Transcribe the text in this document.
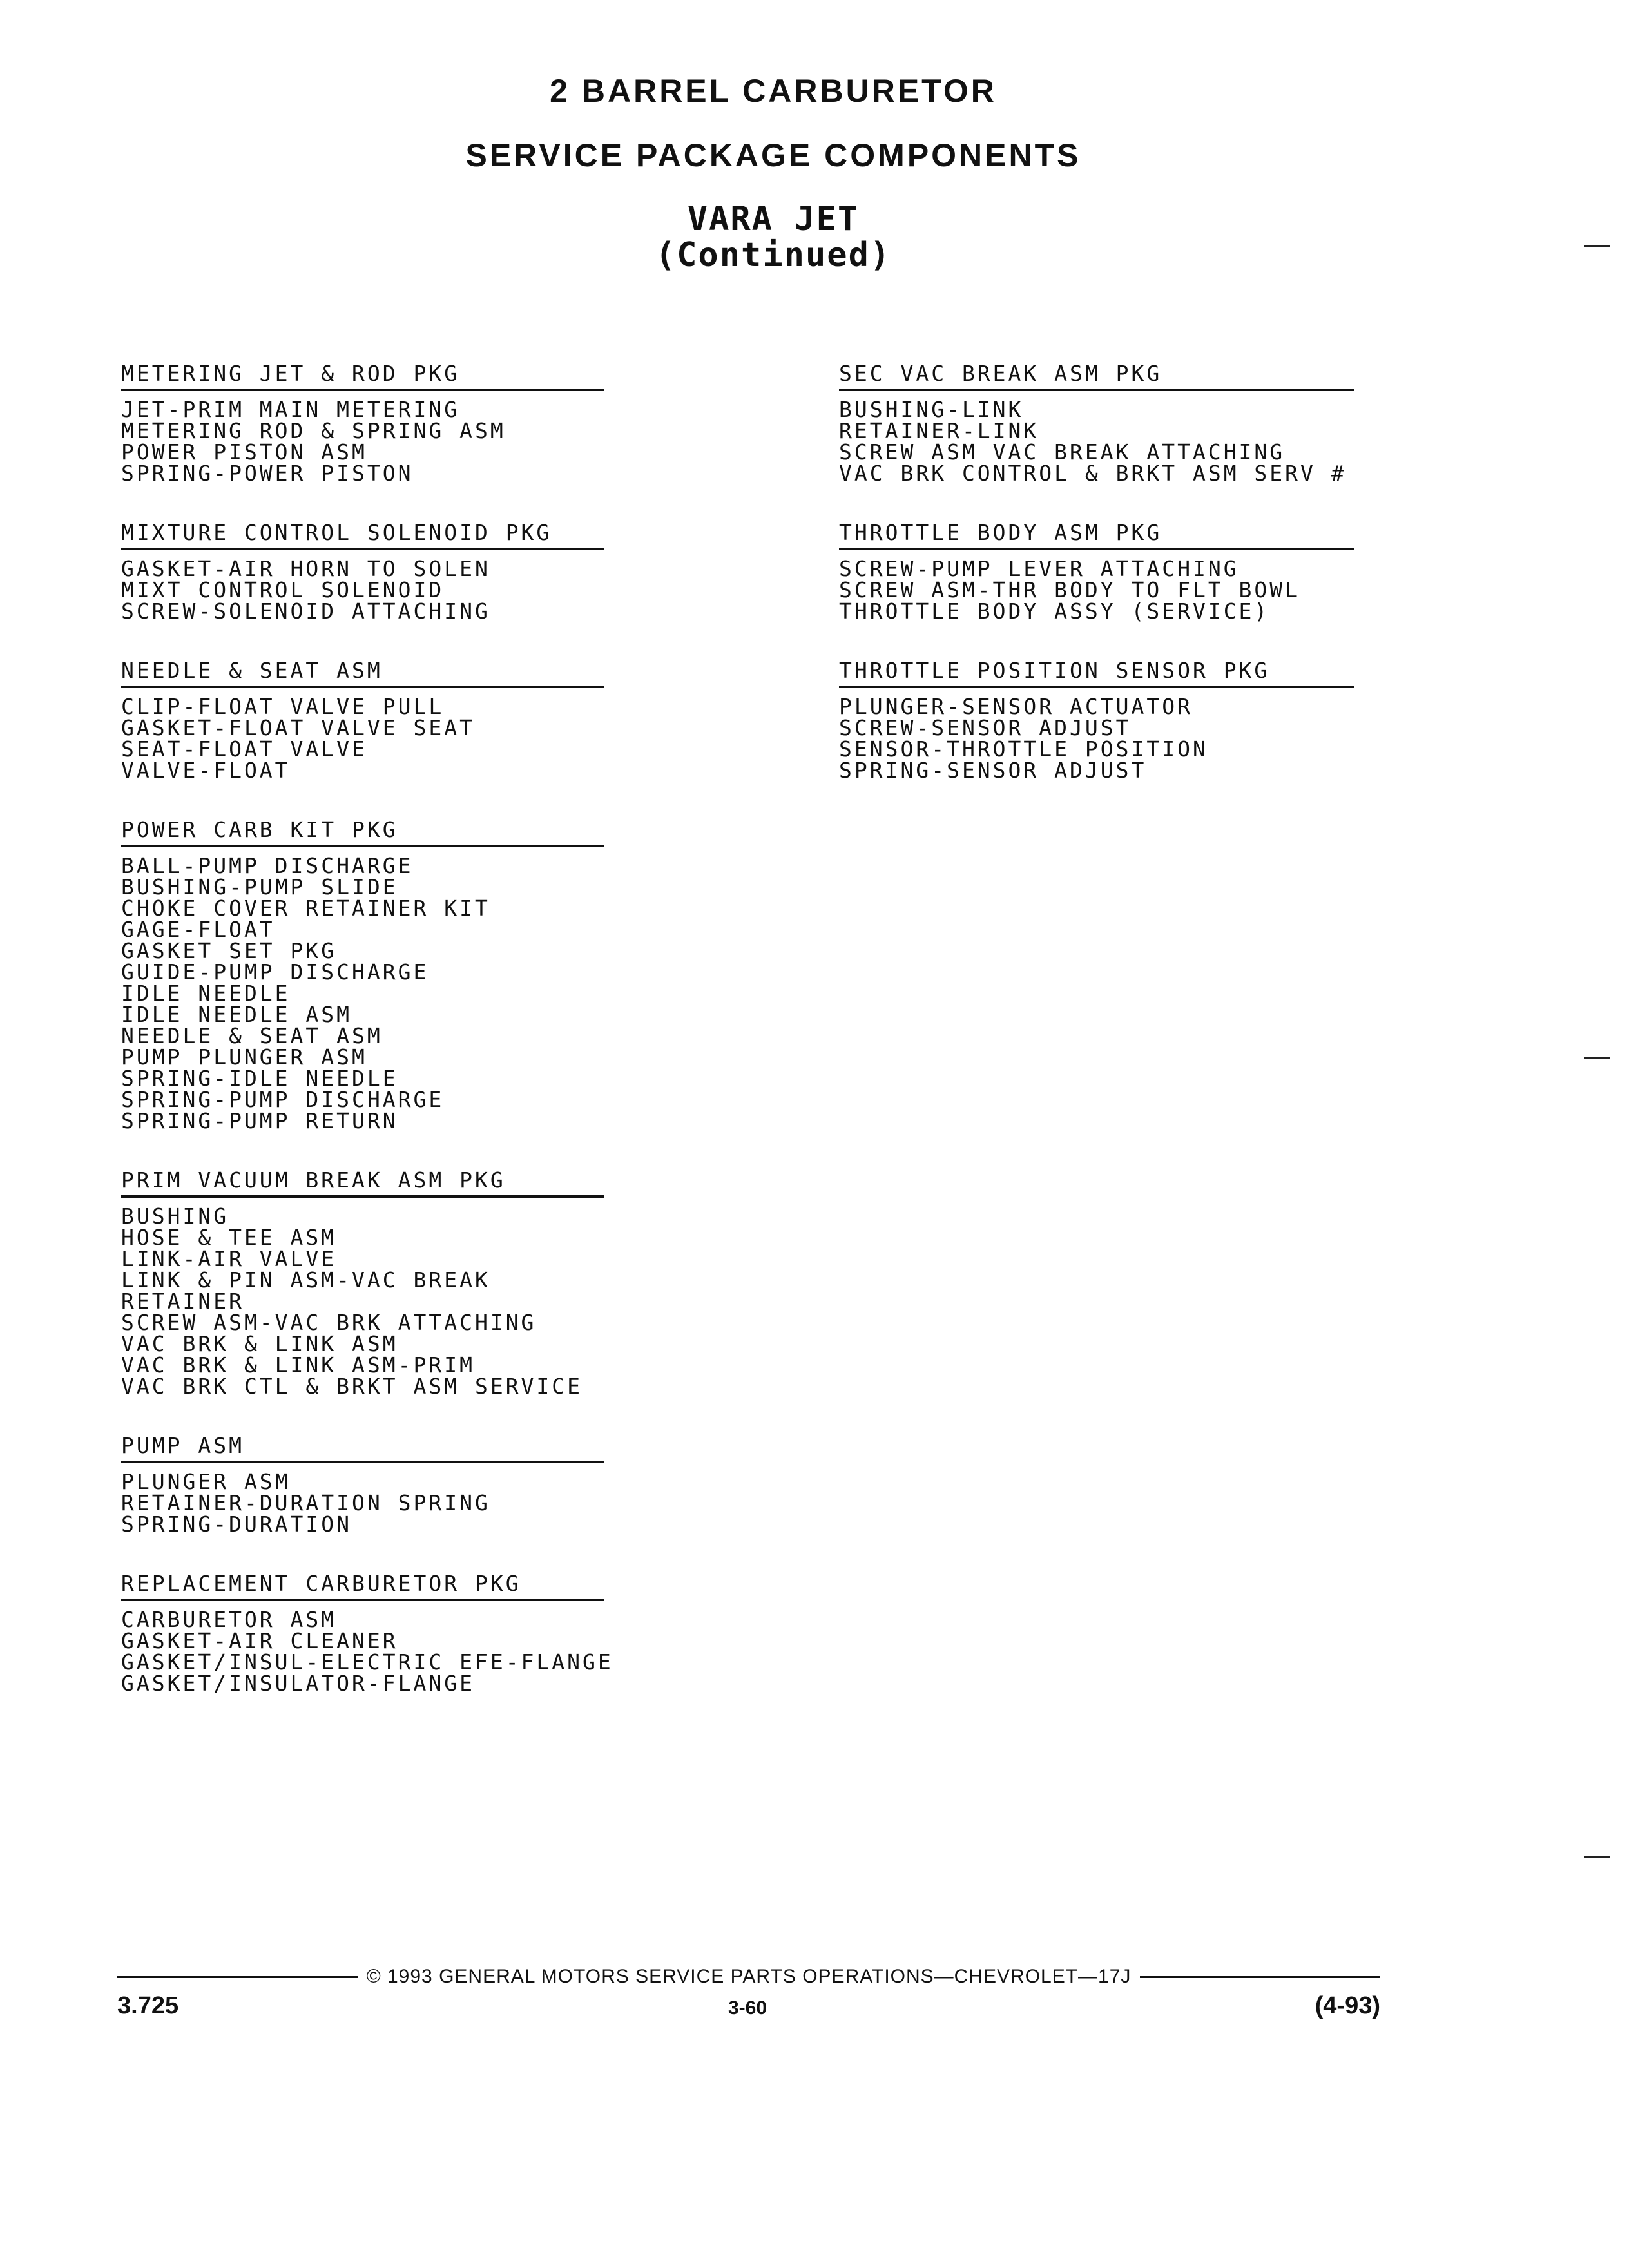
2 BARREL CARBURETOR
SERVICE PACKAGE COMPONENTS
VARA JET
(Continued)
METERING JET & ROD PKG
JET-PRIM MAIN METERING
METERING ROD & SPRING ASM
POWER PISTON ASM
SPRING-POWER PISTON
MIXTURE CONTROL SOLENOID PKG
GASKET-AIR HORN TO SOLEN
MIXT CONTROL SOLENOID
SCREW-SOLENOID ATTACHING
NEEDLE & SEAT ASM
CLIP-FLOAT VALVE PULL
GASKET-FLOAT VALVE SEAT
SEAT-FLOAT VALVE
VALVE-FLOAT
POWER CARB KIT PKG
BALL-PUMP DISCHARGE
BUSHING-PUMP SLIDE
CHOKE COVER RETAINER KIT
GAGE-FLOAT
GASKET SET PKG
GUIDE-PUMP DISCHARGE
IDLE NEEDLE
IDLE NEEDLE ASM
NEEDLE & SEAT ASM
PUMP PLUNGER ASM
SPRING-IDLE NEEDLE
SPRING-PUMP DISCHARGE
SPRING-PUMP RETURN
PRIM VACUUM BREAK ASM PKG
BUSHING
HOSE & TEE ASM
LINK-AIR VALVE
LINK & PIN ASM-VAC BREAK
RETAINER
SCREW ASM-VAC BRK ATTACHING
VAC BRK & LINK ASM
VAC BRK & LINK ASM-PRIM
VAC BRK CTL & BRKT ASM SERVICE
PUMP ASM
PLUNGER ASM
RETAINER-DURATION SPRING
SPRING-DURATION
REPLACEMENT CARBURETOR PKG
CARBURETOR ASM
GASKET-AIR CLEANER
GASKET/INSUL-ELECTRIC EFE-FLANGE
GASKET/INSULATOR-FLANGE
SEC VAC BREAK ASM PKG
BUSHING-LINK
RETAINER-LINK
SCREW ASM VAC BREAK ATTACHING
VAC BRK CONTROL & BRKT ASM SERV #
THROTTLE BODY ASM PKG
SCREW-PUMP LEVER ATTACHING
SCREW ASM-THR BODY TO FLT BOWL
THROTTLE BODY ASSY (SERVICE)
THROTTLE POSITION SENSOR PKG
PLUNGER-SENSOR ACTUATOR
SCREW-SENSOR ADJUST
SENSOR-THROTTLE POSITION
SPRING-SENSOR ADJUST
© 1993 GENERAL MOTORS SERVICE PARTS OPERATIONS—CHEVROLET—17J
3.725	3-60	(4-93)
